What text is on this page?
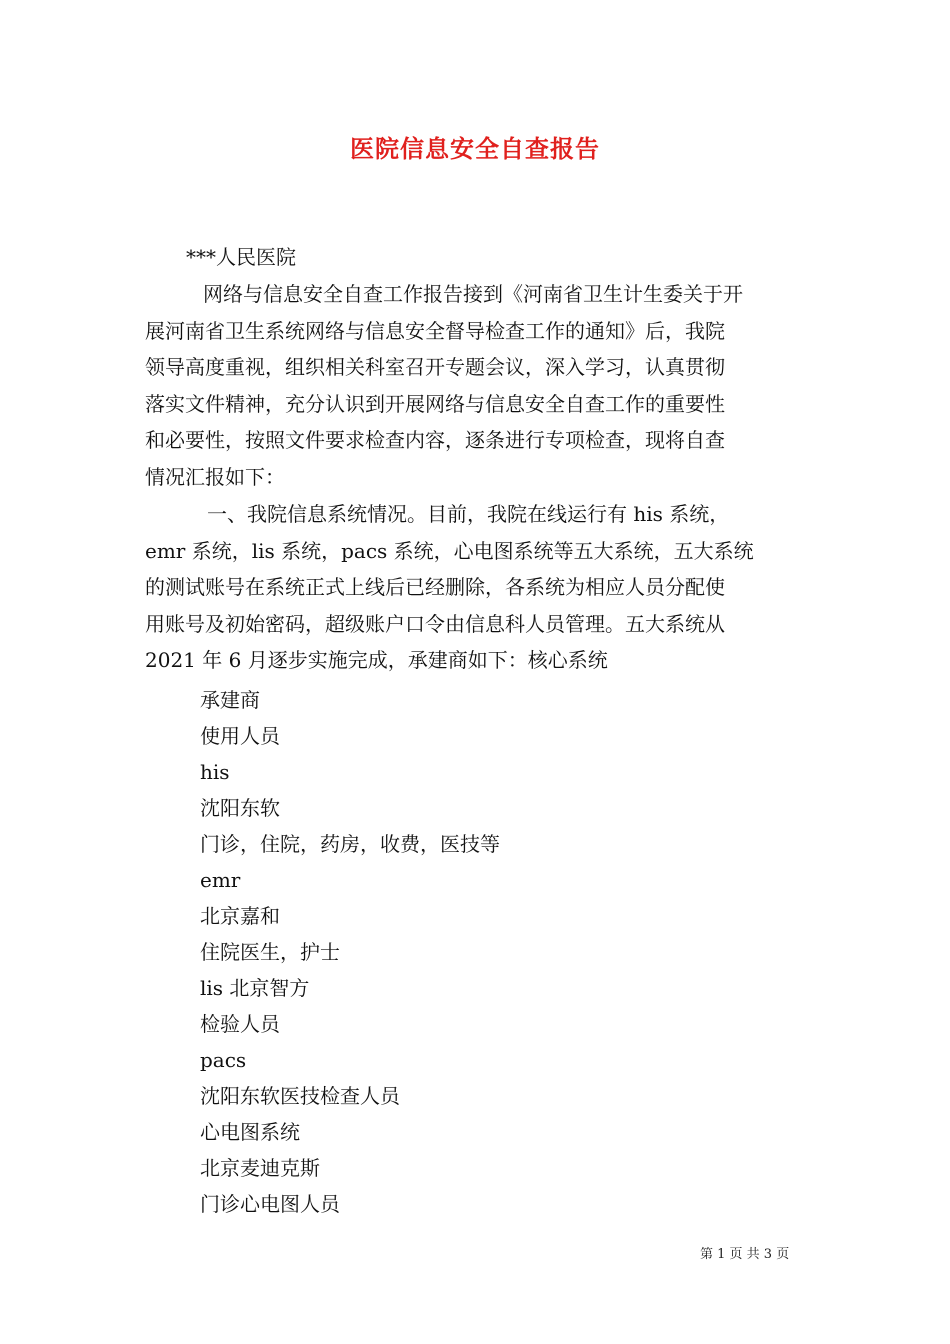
医院信息安全自查报告
***人民医院

网络与信息安全自查工作报告接到《河南省卫生计生委关于开
展河南省卫生系统网络与信息安全督导检查工作的通知》后，我院
领导高度重视，组织相关科室召开专题会议，深入学习，认真贯彻
落实文件精神，充分认识到开展网络与信息安全自查工作的重要性
和必要性，按照文件要求检查内容，逐条进行专项检查，现将自查
情况汇报如下：

一、我院信息系统情况。目前，我院在线运行有 his 系统，
emr 系统，lis 系统，pacs 系统，心电图系统等五大系统，五大系统
的测试账号在系统正式上线后已经删除，各系统为相应人员分配使
用账号及初始密码，超级账户口令由信息科人员管理。五大系统从
2021 年 6 月逐步实施完成，承建商如下：核心系统

承建商
使用人员
his
沈阳东软
门诊，住院，药房，收费，医技等
emr
北京嘉和
住院医生，护士
lis 北京智方
检验人员
pacs
沈阳东软医技检查人员
心电图系统
北京麦迪克斯
门诊心电图人员
第 1 页 共 3 页
